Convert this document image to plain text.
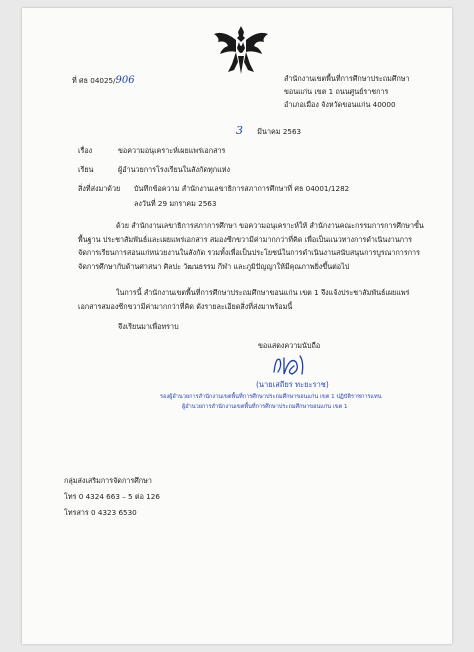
ที่ ศธ 04025/906	สำนักงานเขตพื้นที่การศึกษาประถมศึกษา
ขอนแก่น เขต 1 ถนนศูนย์ราชการ
อำเภอเมือง จังหวัดขอนแก่น 40000
3 มีนาคม 2563
เรื่อง	ขอความอนุเคราะห์เผยแพร่เอกสาร
เรียน	ผู้อำนวยการโรงเรียนในสังกัดทุกแห่ง
สิ่งที่ส่งมาด้วย บันทึกข้อความ สำนักงานเลขาธิการสภาการศึกษาที่ ศธ 04001/1282
ลงวันที่ 29 มกราคม 2563
ด้วย สำนักงานเลขาธิการสภาการศึกษา ขอความอนุเคราะห์ให้ สำนักงานคณะกรรมการการศึกษาขั้นพื้นฐาน ประชาสัมพันธ์และเผยแพร่เอกสาร สมองซีกขวามีค่ามากกว่าที่คิด เพื่อเป็นแนวทางการดำเนินงานการจัดการเรียนการสอนแก่หน่วยงานในสังกัด รวมทั้งเพื่อเป็นประโยชน์ในการดำเนินงานสนับสนุนการบูรณาการการจัดการศึกษากับด้านศาสนา ศิลปะ วัฒนธรรม กีฬา และภูมิปัญญาให้มีคุณภาพยิ่งขึ้นต่อไป
ในการนี้ สำนักงานเขตพื้นที่การศึกษาประถมศึกษาขอนแก่น เขต 1 จึงแจ้งประชาสัมพันธ์เผยแพร่เอกสารสมองซีกขวามีค่ามากกว่าที่คิด ดังรายละเอียดสิ่งที่ส่งมาพร้อมนี้
จึงเรียนมาเพื่อทราบ
ขอแสดงความนับถือ
(นายเสถียร ทะยะราช)
รองผู้อำนวยการสำนักงานเขตพื้นที่การศึกษาประถมศึกษาขอนแก่น เขต 1 ปฏิบัติราชการแทน
ผู้อำนวยการสำนักงานเขตพื้นที่การศึกษาประถมศึกษาขอนแก่น เขต 1
กลุ่มส่งเสริมการจัดการศึกษา
โทร 0 4324 663 – 5 ต่อ 126
โทรสาร 0 4323 6530
